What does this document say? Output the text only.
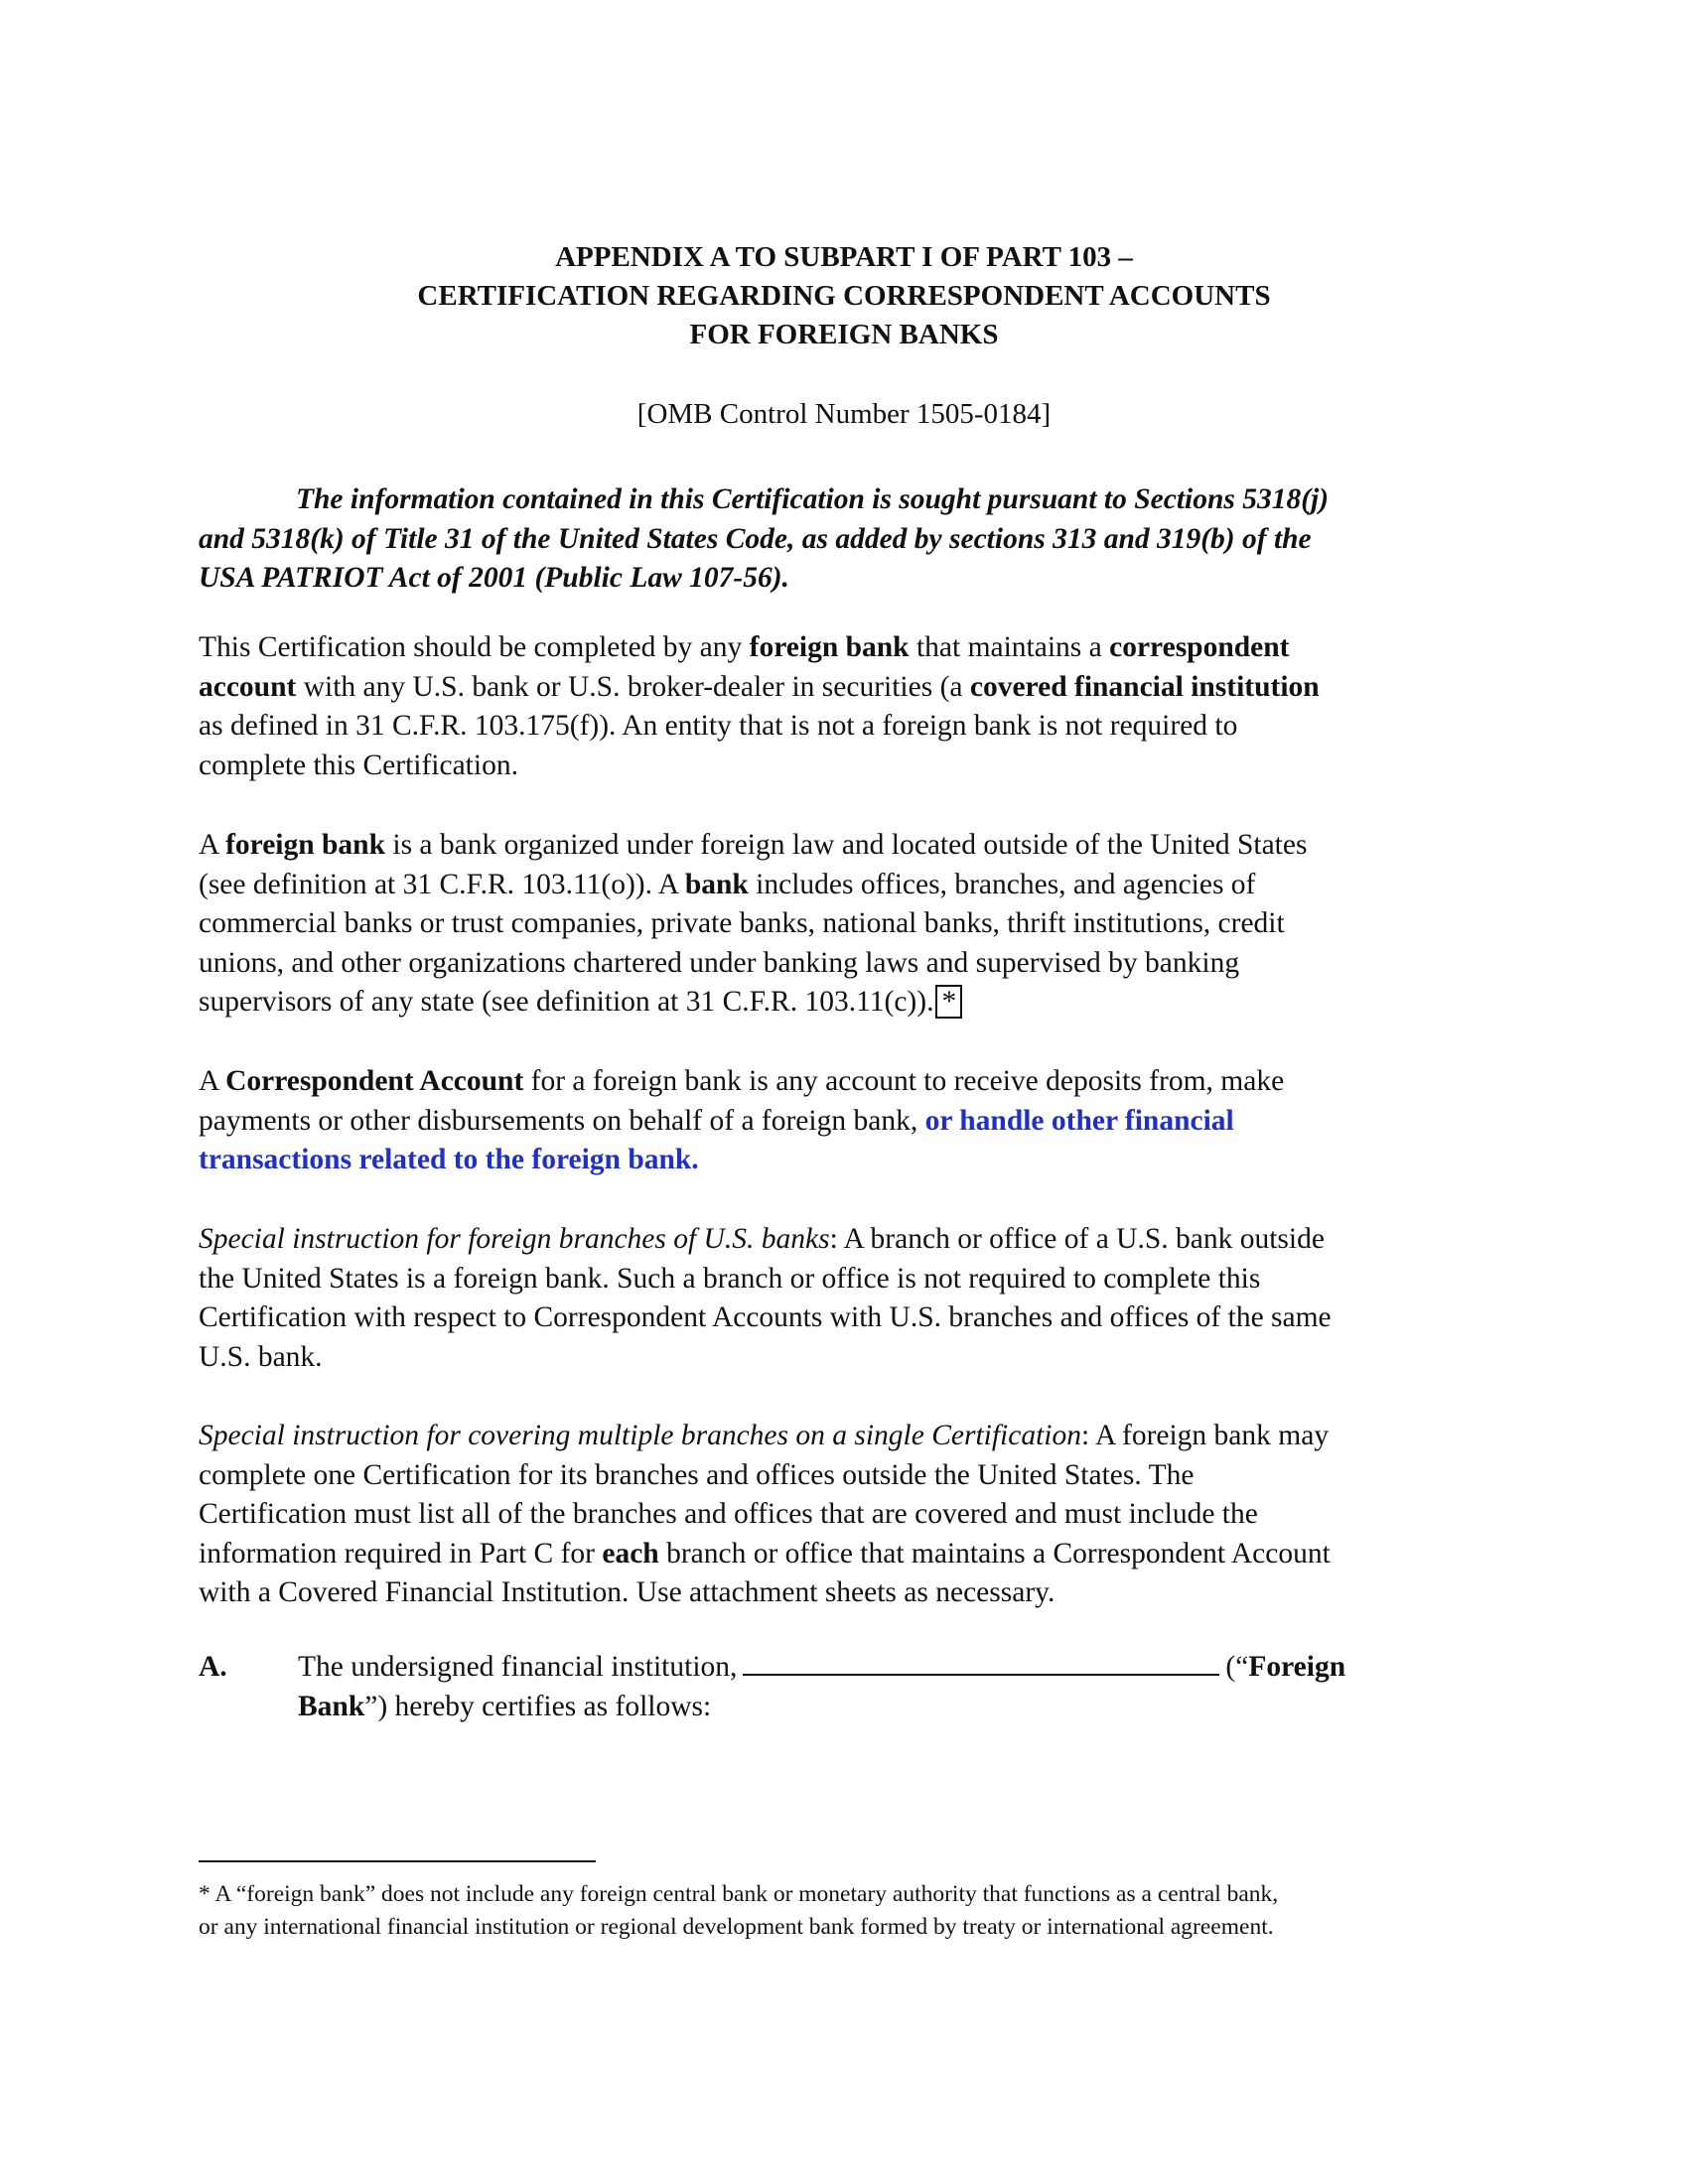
APPENDIX A TO SUBPART I OF PART 103 –
CERTIFICATION REGARDING CORRESPONDENT ACCOUNTS
FOR FOREIGN BANKS
[OMB Control Number 1505-0184]
The information contained in this Certification is sought pursuant to Sections 5318(j)
and 5318(k) of Title 31 of the United States Code, as added by sections 313 and 319(b) of the
USA PATRIOT Act of 2001 (Public Law 107-56).
This Certification should be completed by any foreign bank that maintains a correspondent
account with any U.S. bank or U.S. broker-dealer in securities (a covered financial institution
as defined in 31 C.F.R. 103.175(f)). An entity that is not a foreign bank is not required to
complete this Certification.
A foreign bank is a bank organized under foreign law and located outside of the United States
(see definition at 31 C.F.R. 103.11(o)). A bank includes offices, branches, and agencies of
commercial banks or trust companies, private banks, national banks, thrift institutions, credit
unions, and other organizations chartered under banking laws and supervised by banking
supervisors of any state (see definition at 31 C.F.R. 103.11(c)). *
A Correspondent Account for a foreign bank is any account to receive deposits from, make
payments or other disbursements on behalf of a foreign bank, or handle other financial
transactions related to the foreign bank.
Special instruction for foreign branches of U.S. banks: A branch or office of a U.S. bank outside
the United States is a foreign bank. Such a branch or office is not required to complete this
Certification with respect to Correspondent Accounts with U.S. branches and offices of the same
U.S. bank.
Special instruction for covering multiple branches on a single Certification: A foreign bank may
complete one Certification for its branches and offices outside the United States. The
Certification must list all of the branches and offices that are covered and must include the
information required in Part C for each branch or office that maintains a Correspondent Account
with a Covered Financial Institution. Use attachment sheets as necessary.
A. The undersigned financial institution,	(“Foreign
Bank”) hereby certifies as follows:
* A “foreign bank” does not include any foreign central bank or monetary authority that functions as a central bank,
or any international financial institution or regional development bank formed by treaty or international agreement.
